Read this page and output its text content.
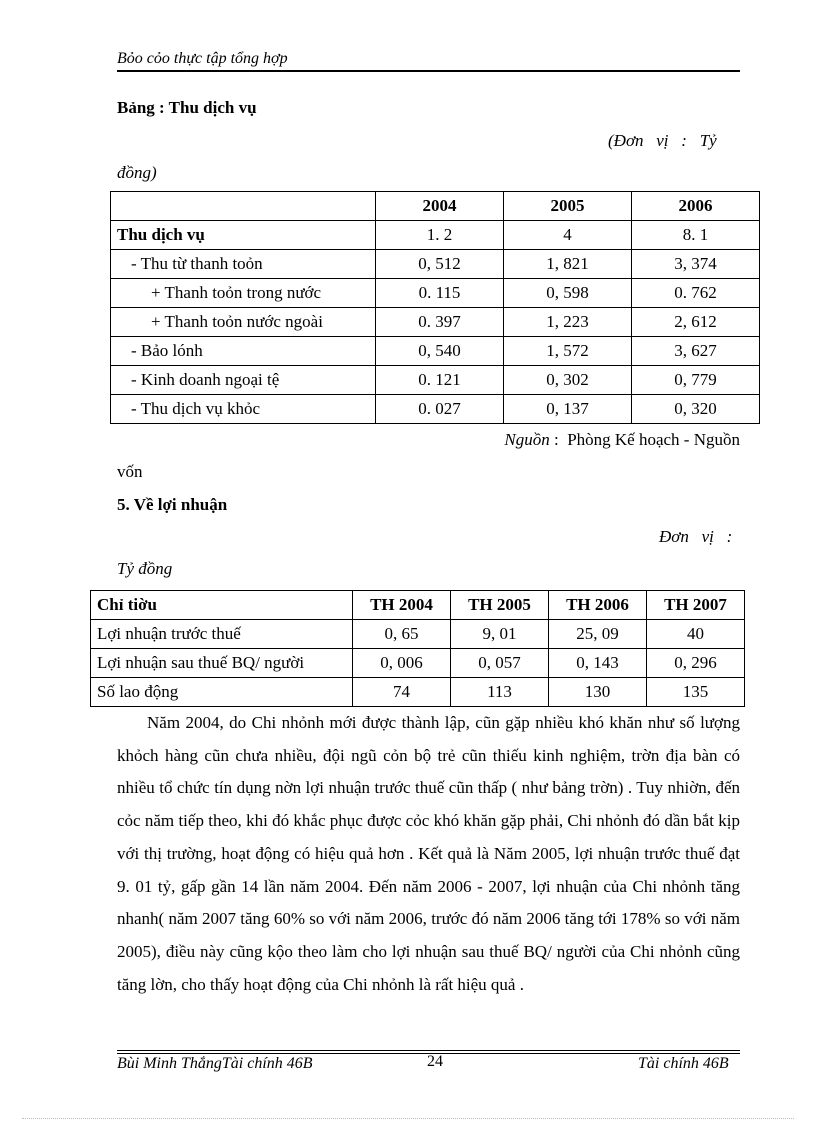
Bỏo cỏo thực tập tổng hợp
Bảng : Thu dịch vụ
(Đơn   vị   :   Tỷ
đồng)
	2004	2005	2006
Thu dịch vụ	1. 2	4	8. 1
- Thu từ thanh toỏn	0, 512	1, 821	3, 374
+ Thanh toỏn trong nước	0. 115	0, 598	0. 762
+ Thanh toỏn nước ngoài	0. 397	1, 223	2, 612
- Bảo lónh	0, 540	1, 572	3, 627
- Kinh doanh ngoại tệ	0. 121	0, 302	0, 779
- Thu dịch vụ khỏc	0. 027	0, 137	0, 320
Nguồn :  Phòng Kế hoạch - Nguồn
vốn
5. Về lợi nhuận
Đơn   vị   :
Tỷ đồng
Chỉ tiờu	TH 2004	TH 2005	TH 2006	TH 2007
Lợi nhuận trước thuế	0, 65	9, 01	25, 09	40
Lợi nhuận sau thuế BQ/ người	0, 006	0, 057	0, 143	0, 296
Số lao động	74	113	130	135

Năm 2004, do Chi nhỏnh mới được thành lập, cũn gặp nhiều khó khăn như số lượng khỏch hàng cũn chưa nhiều, đội ngũ cỏn bộ trẻ cũn thiếu kinh nghiệm, trờn địa bàn có nhiều tổ chức tín dụng nờn lợi nhuận trước thuế cũn thấp ( như bảng trờn) . Tuy nhiờn, đến cỏc năm tiếp theo, khi đó khắc phục được cỏc khó khăn gặp phải, Chi nhỏnh đó dần bắt kịp với thị trường, hoạt động có hiệu quả hơn . Kết quả là Năm 2005, lợi nhuận trước thuế đạt 9. 01 tỷ, gấp gần 14 lần năm 2004. Đến năm 2006 - 2007, lợi nhuận của Chi nhỏnh tăng nhanh( năm 2007 tăng 60% so với năm 2006, trước đó năm 2006 tăng tới 178% so với năm 2005), điều này cũng kộo theo làm cho lợi nhuận sau thuế BQ/ người của Chi nhỏnh cũng tăng lờn, cho thấy hoạt động của Chi nhỏnh là rất hiệu quả .

Bùi Minh ThắngTài chính 46B	24	Tài chính 46B
